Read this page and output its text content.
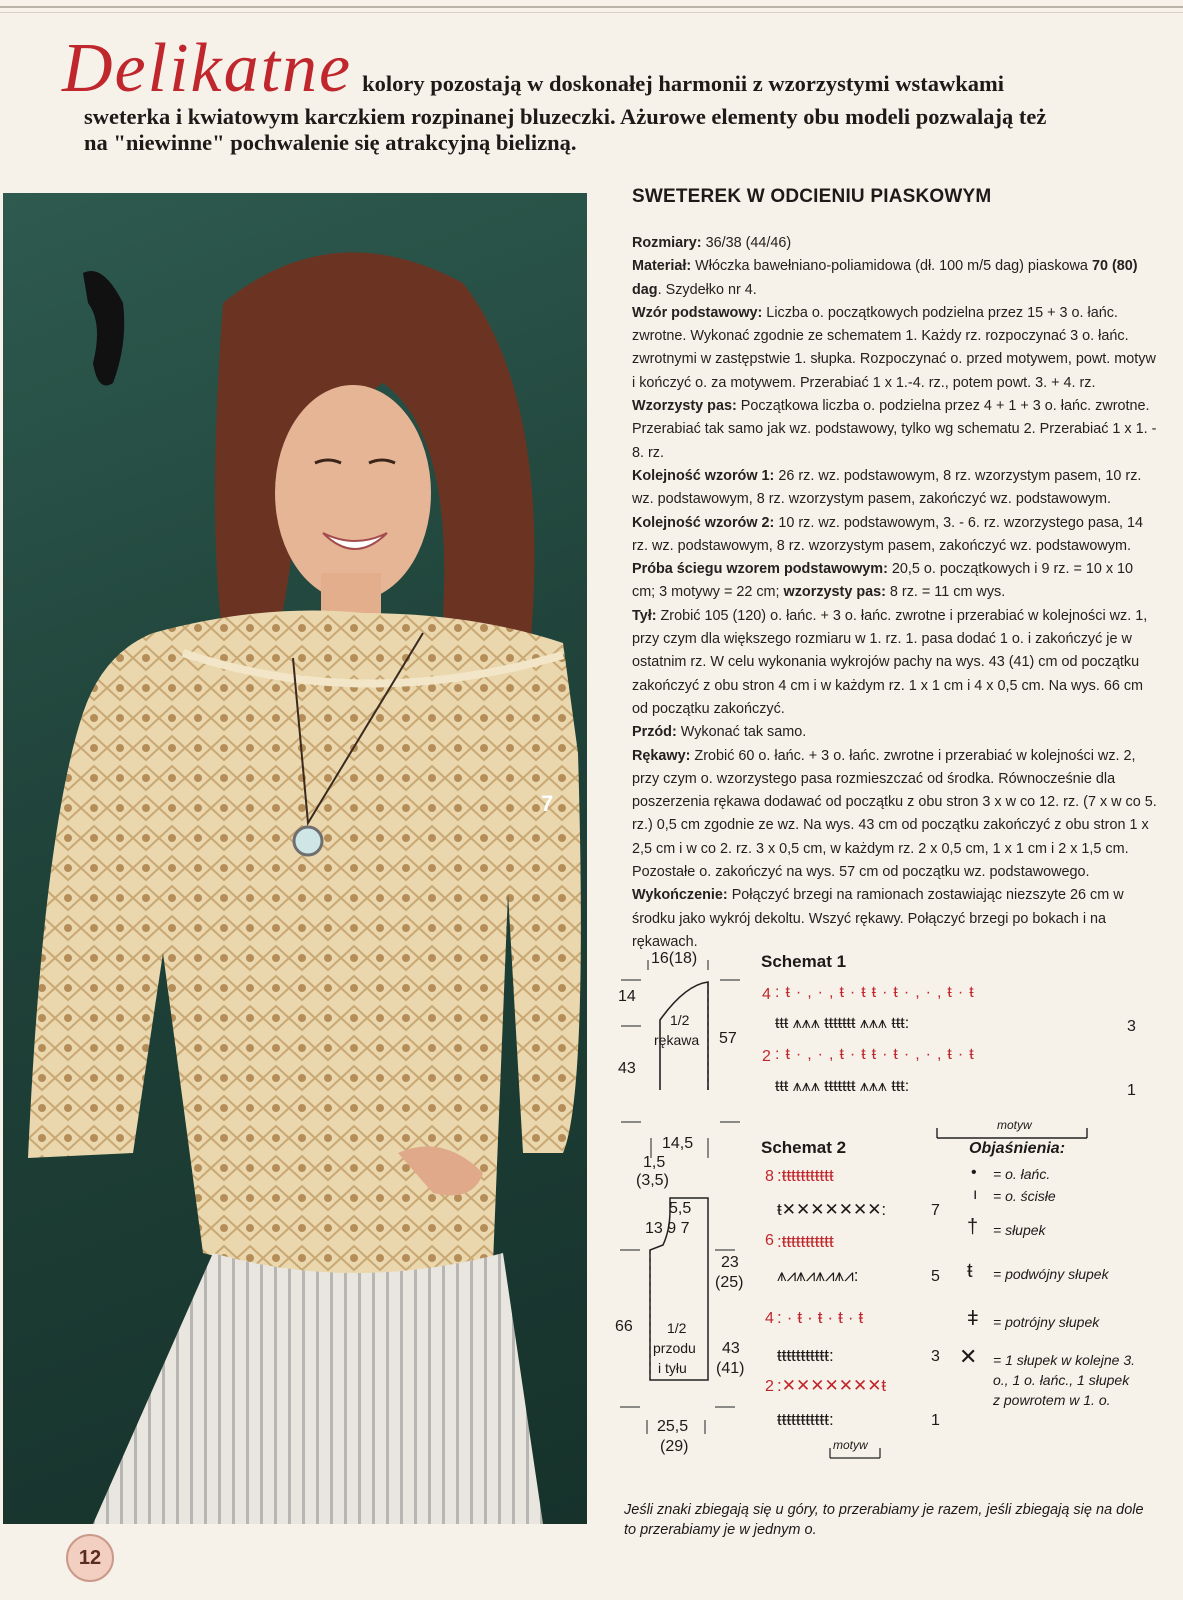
Delikatne kolory pozostają w doskonałej harmonii z wzorzystymi wstawkami
sweterka i kwiatowym karczkiem rozpinanej bluzeczki. Ażurowe elementy obu modeli pozwalają też
na "niewinne" pochwalenie się atrakcyjną bielizną.
7
12
SWETEREK W ODCIENIU PIASKOWYM

Rozmiary: 36/38 (44/46)

Materiał: Włóczka bawełniano-poliamidowa (dł. 100 m/5 dag) piaskowa 70 (80) dag. Szydełko nr 4.

Wzór podstawowy: Liczba o. początkowych podzielna przez 15 + 3 o. łańc. zwrotne. Wykonać zgodnie ze schematem 1. Każdy rz. rozpoczynać 3 o. łańc. zwrotnymi w zastępstwie 1. słupka. Rozpoczynać o. przed motywem, powt. motyw i kończyć o. za motywem. Przerabiać 1 x 1.-4. rz., potem powt. 3. + 4. rz.

Wzorzysty pas: Początkowa liczba o. podzielna przez 4 + 1 + 3 o. łańc. zwrotne. Przerabiać tak samo jak wz. podstawowy, tylko wg schematu 2. Przerabiać 1 x 1. - 8. rz.

Kolejność wzorów 1: 26 rz. wz. podstawowym, 8 rz. wzorzystym pasem, 10 rz. wz. podstawowym, 8 rz. wzorzystym pasem, zakończyć wz. podstawowym.

Kolejność wzorów 2: 10 rz. wz. podstawowym, 3. - 6. rz. wzorzystego pasa, 14 rz. wz. podstawowym, 8 rz. wzorzystym pasem, zakończyć wz. podstawowym.

Próba ściegu wzorem podstawowym: 20,5 o. początkowych i 9 rz. = 10 x 10 cm; 3 motywy = 22 cm; wzorzysty pas: 8 rz. = 11 cm wys.

Tył: Zrobić 105 (120) o. łańc. + 3 o. łańc. zwrotne i przerabiać w kolejności wz. 1, przy czym dla większego rozmiaru w 1. rz. 1. pasa dodać 1 o. i zakończyć je w ostatnim rz. W celu wykonania wykrojów pachy na wys. 43 (41) cm od początku zakończyć z obu stron 4 cm i w każdym rz. 1 x 1 cm i 4 x 0,5 cm. Na wys. 66 cm od początku zakończyć.

Przód: Wykonać tak samo.

Rękawy: Zrobić 60 o. łańc. + 3 o. łańc. zwrotne i przerabiać w kolejności wz. 2, przy czym o. wzorzystego pasa rozmieszczać od środka. Równocześnie dla poszerzenia rękawa dodawać od początku z obu stron 3 x w co 12. rz. (7 x w co 5. rz.) 0,5 cm zgodnie ze wz. Na wys. 43 cm od początku zakończyć z obu stron 1 x 2,5 cm i w co 2. rz. 3 x 0,5 cm, w każdym rz. 2 x 0,5 cm, 1 x 1 cm i 2 x 1,5 cm. Pozostałe o. zakończyć na wys. 57 cm od początku wz. podstawowego.

Wykończenie: Połączyć brzegi na ramionach zostawiając niezszyte 26 cm w środku jako wykrój dekoltu. Wszyć rękawy. Połączyć brzegi po bokach i na rękawach.

16(18)
14
43
57
1/2
rękawa
14,5
1,5
(3,5)
5,5
13 9 7
23
(25)
66 1/2
przodu
i tyłu
43
(41)
25,5
(29)
Schemat 1
4
3
2
1
:ŧ·,·,ŧ·ŧŧ·ŧ·,·,ŧ·ŧ
ŧŧŧ ⩚⩚⩚ ŧŧŧŧŧŧŧ ⩚⩚⩚ ŧŧŧ:
:ŧ·,·,ŧ·ŧŧ·ŧ·,·,ŧ·ŧ
ŧŧŧ ⩚⩚⩚ ŧŧŧŧŧŧŧ ⩚⩚⩚ ŧŧŧ:
motyw
Schemat 2
8
7
6
5
4
3
2
1
:ŧŧŧŧŧŧŧŧŧŧŧ
ŧ✕✕✕✕✕✕✕:
:ŧŧŧŧŧŧŧŧŧŧŧ
⩚⩘⩚⩘⩚⩘⩚⩘:
:·ŧ·ŧ·ŧ·ŧ
ŧŧŧŧŧŧŧŧŧŧŧ:
:✕✕✕✕✕✕✕ŧ
ŧŧŧŧŧŧŧŧŧŧŧ:
motyw
Objaśnienia:
• = o. łańc.
ı = o. ścisłe
† = słupek
ŧ = podwójny słupek
ǂ = potrójny słupek
✕ = 1 słupek w kolejne 3. o., 1 o. łańc., 1 słupek z powrotem w 1. o.
Jeśli znaki zbiegają się u góry, to przerabiamy je razem, jeśli zbiegają się na dole to przerabiamy je w jednym o.
